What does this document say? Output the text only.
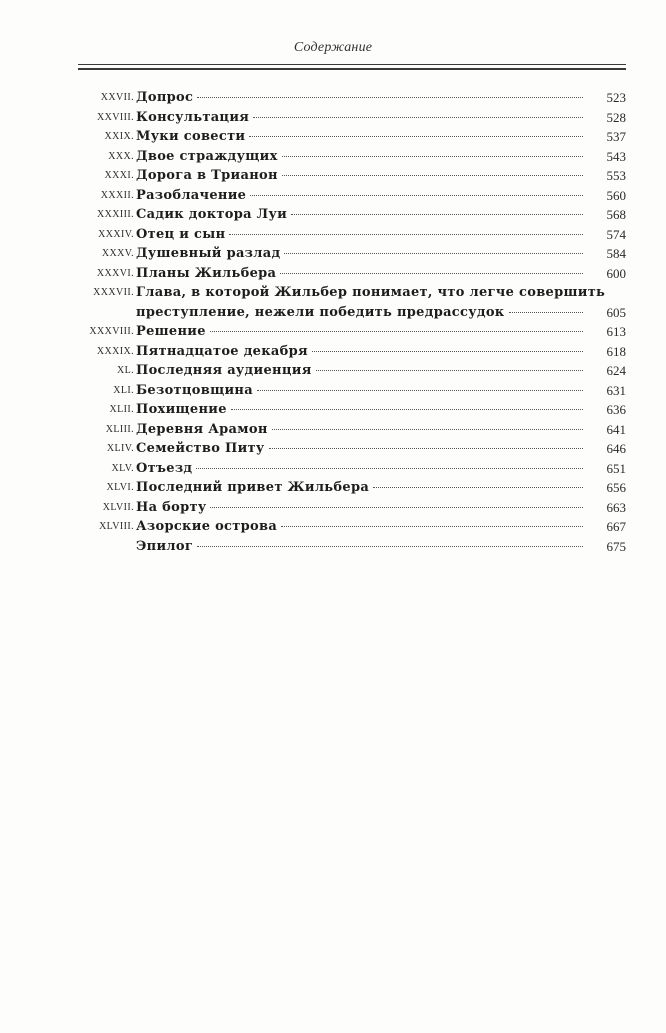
Содержание
XXVII. Допрос	523
XXVIII. Консультация	528
XXIX. Муки совести	537
XXX. Двое страждущих	543
XXXI. Дорога в Трианон	553
XXXII. Разоблачение	560
XXXIII. Садик доктора Луи	568
XXXIV. Отец и сын	574
XXXV. Душевный разлад	584
XXXVI. Планы Жильбера	600
XXXVII. Глава, в которой Жильбер понимает, что легче совершить
преступление, нежели победить предрассудок	605
XXXVIII. Решение	613
XXXIX. Пятнадцатое декабря	618
XL. Последняя аудиенция	624
XLI. Безотцовщина	631
XLII. Похищение	636
XLIII. Деревня Арамон	641
XLIV. Семейство Питу	646
XLV. Отъезд	651
XLVI. Последний привет Жильбера	656
XLVII. На борту	663
XLVIII. Азорские острова	667
Эпилог	675
